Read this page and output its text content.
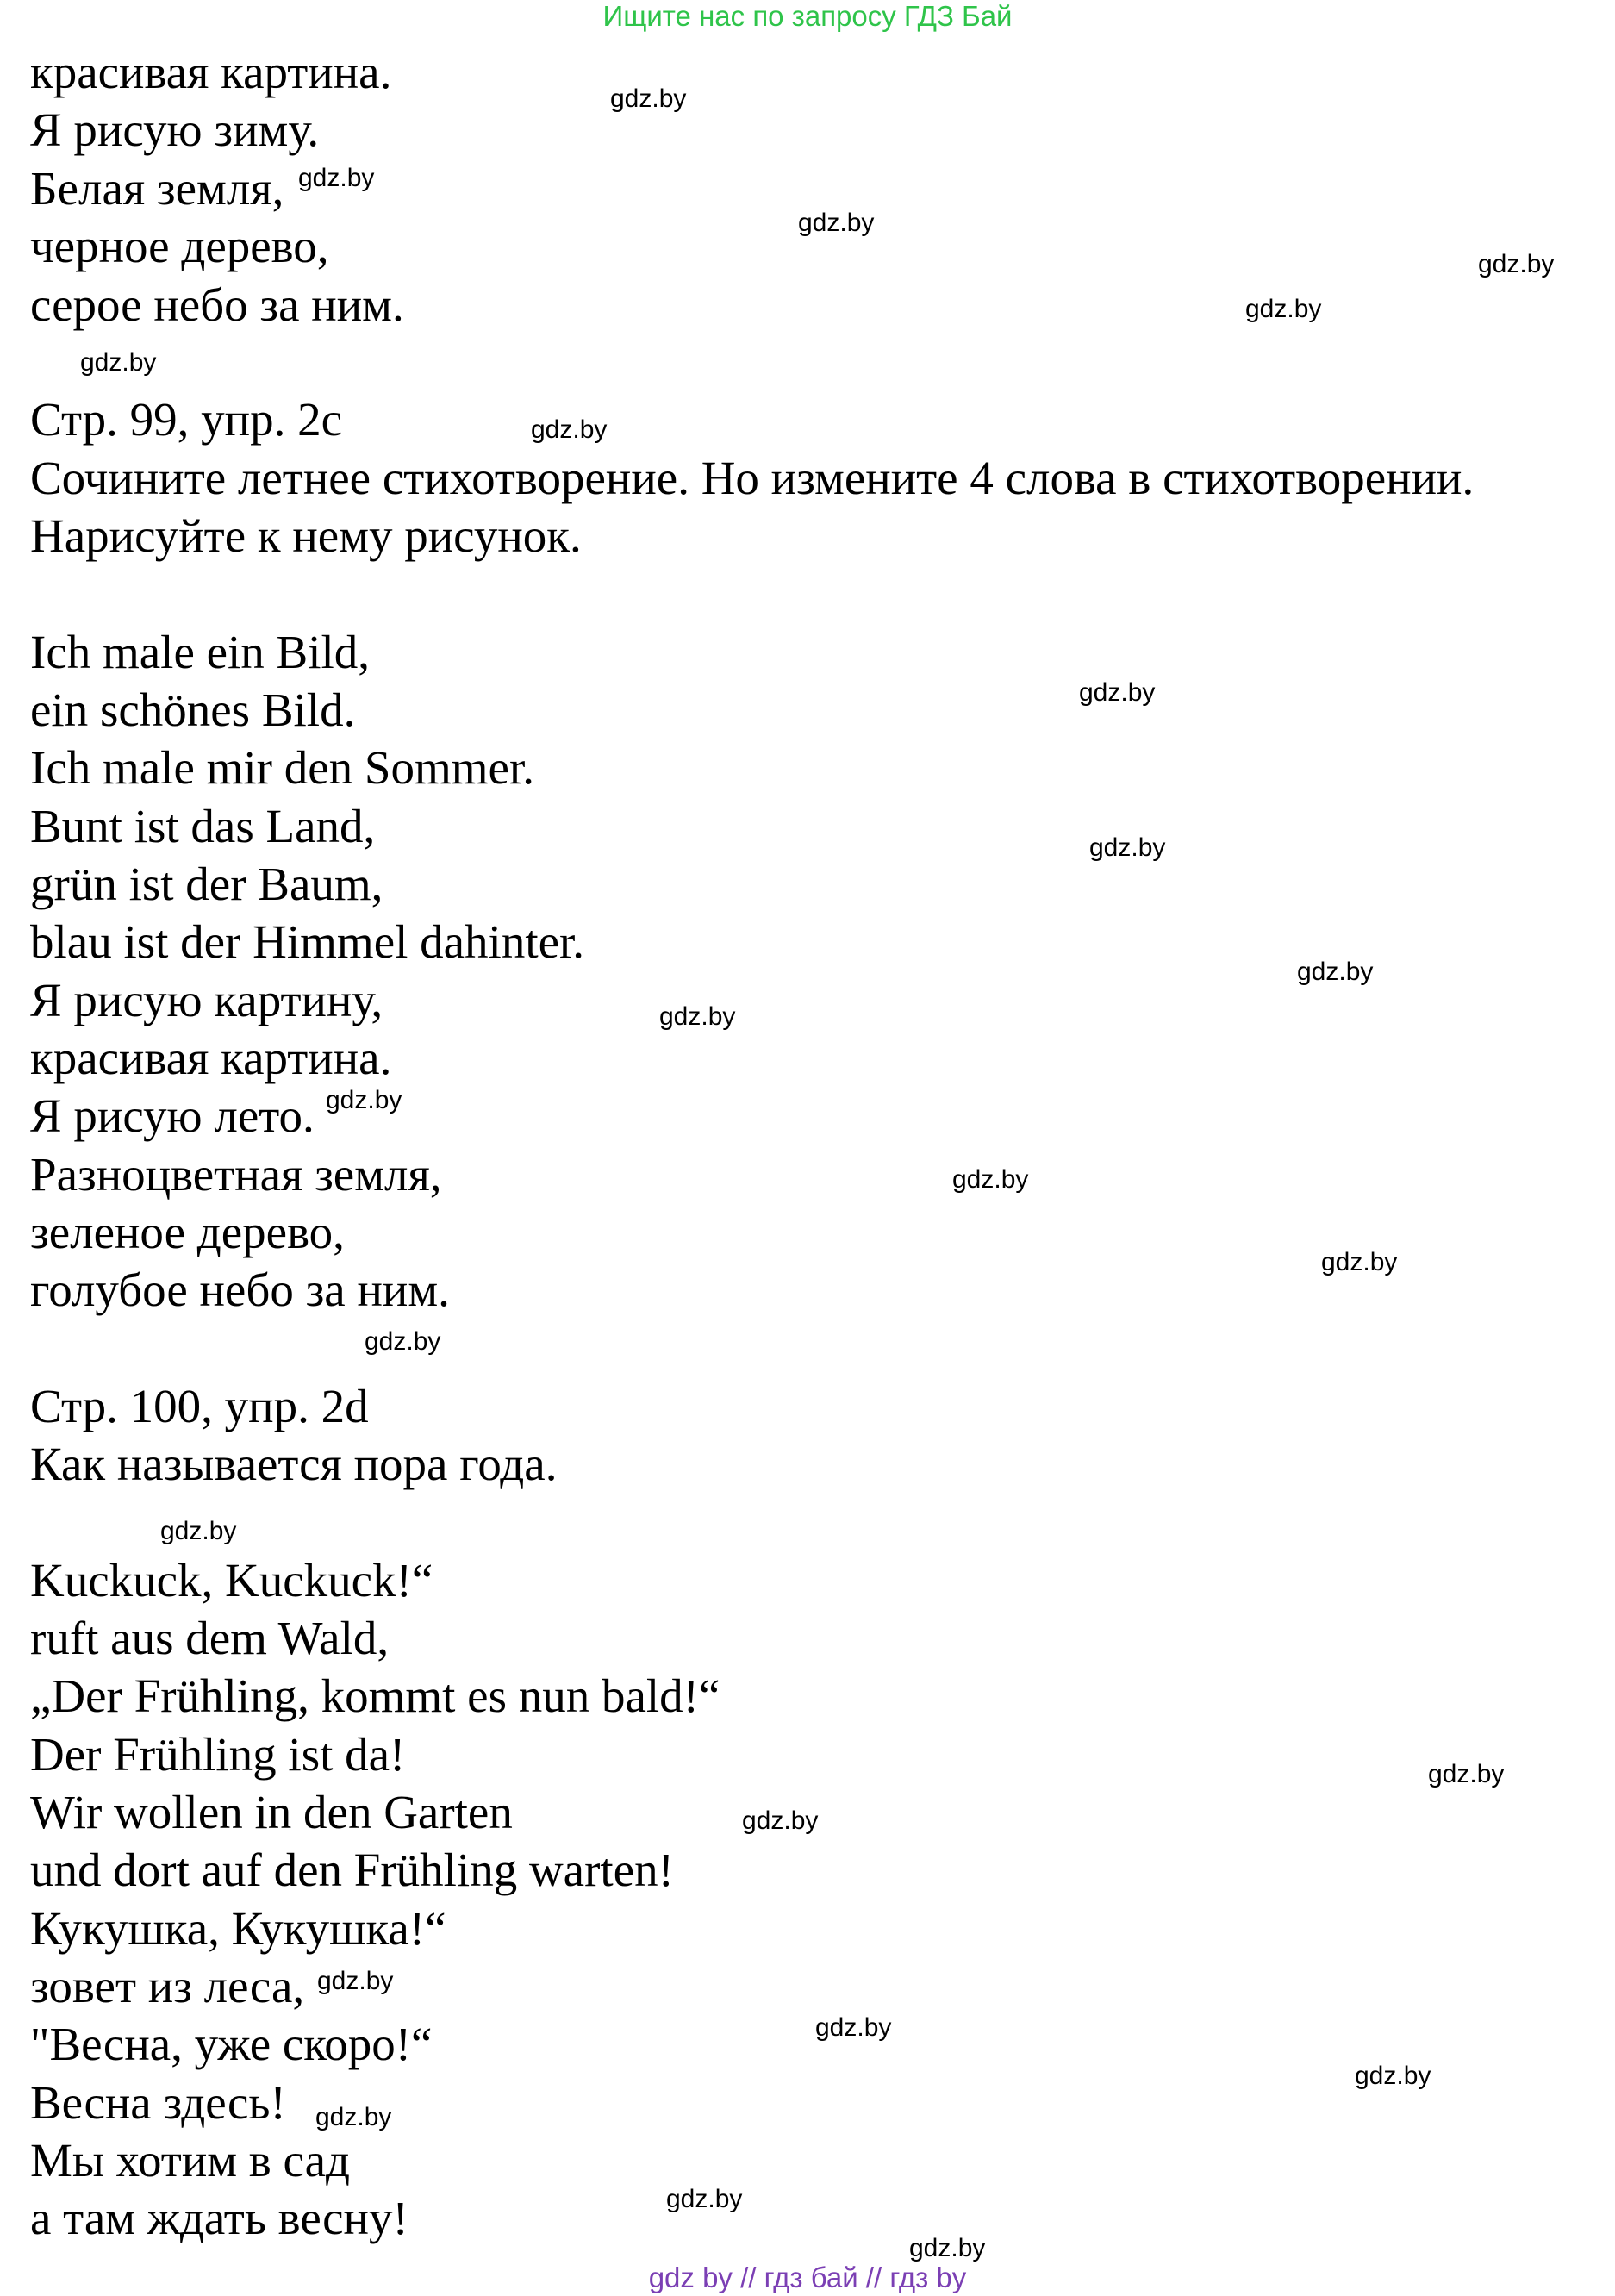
Ищите нас по запросу ГДЗ Бай
красивая картина.
Я рисую зиму.
Белая земля,
черное дерево,
серое небо за ним.
Стр. 99, упр. 2c
Сочините летнее стихотворение. Но измените 4 слова в стихотворении.
Нарисуйте к нему рисунок.
Ich male ein Bild,
ein schönes Bild.
Ich male mir den Sommer.
Bunt ist das Land,
grün ist der Baum,
blau ist der Himmel dahinter.
Я рисую картину,
красивая картина.
Я рисую лето.
Разноцветная земля,
зеленое дерево,
голубое небо за ним.
Стр. 100, упр. 2d
Как называется пора года.
Kuckuck, Kuckuck!“
ruft aus dem Wald,
„Der Frühling, kommt es nun bald!“
Der Frühling ist da!
Wir wollen in den Garten
und dort auf den Frühling warten!
Кукушка, Кукушка!“
зовет из леса,
"Весна, уже скоро!“
Весна здесь!
Мы хотим в сад
а там ждать весну!
gdz.by
gdz.by
gdz.by
gdz.by
gdz.by
gdz.by
gdz.by
gdz.by
gdz.by
gdz.by
gdz.by
gdz.by
gdz.by
gdz.by
gdz.by
gdz.by
gdz.by
gdz.by
gdz.by
gdz.by
gdz.by
gdz.by
gdz.by
gdz.by
gdz by // гдз бай // гдз by
